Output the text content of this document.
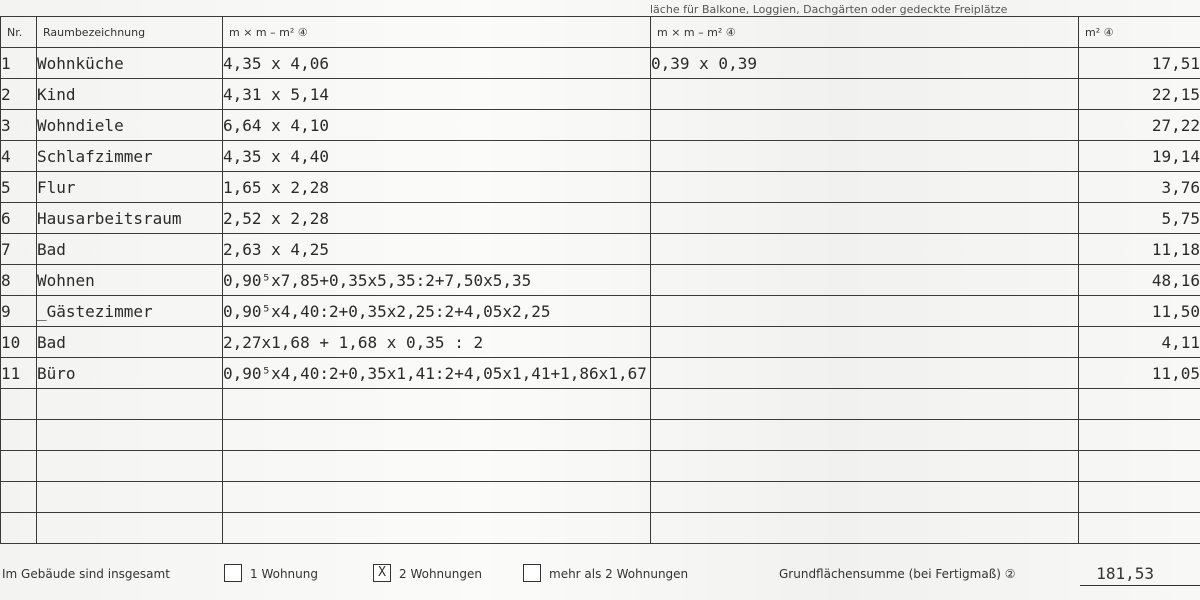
läche für Balkone, Loggien, Dachgärten oder gedeckte Freiplätze
Nr.	Raumbezeichnung	m × m – m² ④	m × m – m² ④	m² ④
1	Wohnküche	4,35 x 4,06	0,39 x 0,39	17,51
2	Kind	4,31 x 5,14		22,15
3	Wohndiele	6,64 x 4,10		27,22
4	Schlafzimmer	4,35 x 4,40		19,14
5	Flur	1,65 x 2,28		3,76
6	Hausarbeitsraum	2,52 x 2,28		5,75
7	Bad	2,63 x 4,25		11,18
8	Wohnen	0,90⁵x7,85+0,35x5,35:2+7,50x5,35		48,16
9	_Gästezimmer	0,90⁵x4,40:2+0,35x2,25:2+4,05x2,25		11,50
10	Bad	2,27x1,68 + 1,68 x 0,35 : 2		4,11
11	Büro	0,90⁵x4,40:2+0,35x1,41:2+4,05x1,41+1,86x1,67		11,05

Im Gebäude sind insgesamt	1 Wohnung	X	2 Wohnungen	mehr als 2 Wohnungen	Grundflächensumme (bei Fertigmaß) ②	181,53
